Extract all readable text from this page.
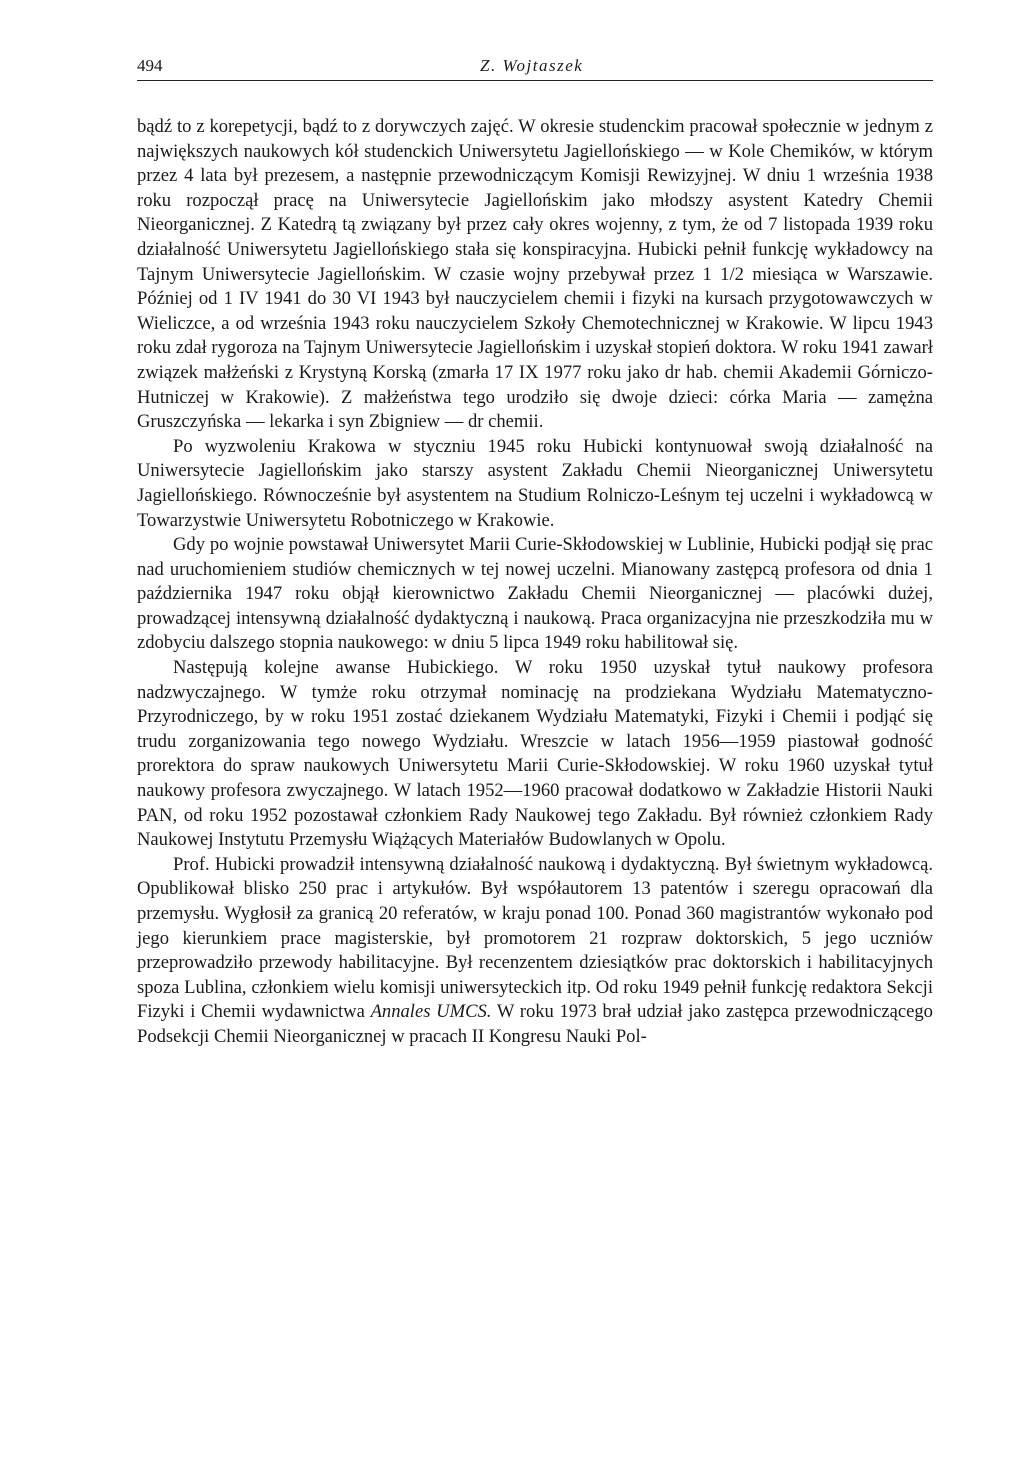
494	Z. Wojtaszek

bądź to z korepetycji, bądź to z dorywczych zajęć. W okresie studenckim pracował społecznie w jednym z największych naukowych kół studenckich Uniwersytetu Jagiellońskiego — w Kole Chemików, w którym przez 4 lata był prezesem, a następnie przewodniczącym Komisji Rewizyjnej. W dniu 1 września 1938 roku rozpoczął pracę na Uniwersytecie Jagiellońskim jako młodszy asystent Katedry Chemii Nieorganicznej. Z Katedrą tą związany był przez cały okres wojenny, z tym, że od 7 listopada 1939 roku działalność Uniwersytetu Jagiellońskiego stała się konspiracyjna. Hubicki pełnił funkcję wykładowcy na Tajnym Uniwersytecie Jagiellońskim. W czasie wojny przebywał przez 1 1/2 miesiąca w Warszawie. Później od 1 IV 1941 do 30 VI 1943 był nauczycielem chemii i fizyki na kursach przygotowawczych w Wieliczce, a od września 1943 roku nauczycielem Szkoły Chemotechnicznej w Krakowie. W lipcu 1943 roku zdał rygoroza na Tajnym Uniwersytecie Jagiellońskim i uzyskał stopień doktora. W roku 1941 zawarł związek małżeński z Krystyną Korską (zmarła 17 IX 1977 roku jako dr hab. chemii Akademii Górniczo-Hutniczej w Krakowie). Z małżeństwa tego urodziło się dwoje dzieci: córka Maria — zamężna Gruszczyńska — lekarka i syn Zbigniew — dr chemii.

Po wyzwoleniu Krakowa w styczniu 1945 roku Hubicki kontynuował swoją działalność na Uniwersytecie Jagiellońskim jako starszy asystent Zakładu Chemii Nieorganicznej Uniwersytetu Jagiellońskiego. Równocześnie był asystentem na Studium Rolniczo-Leśnym tej uczelni i wykładowcą w Towarzystwie Uniwersytetu Robotniczego w Krakowie.

Gdy po wojnie powstawał Uniwersytet Marii Curie-Skłodowskiej w Lublinie, Hubicki podjął się prac nad uruchomieniem studiów chemicznych w tej nowej uczelni. Mianowany zastępcą profesora od dnia 1 października 1947 roku objął kierownictwo Zakładu Chemii Nieorganicznej — placówki dużej, prowadzącej intensywną działalność dydaktyczną i naukową. Praca organizacyjna nie przeszkodziła mu w zdobyciu dalszego stopnia naukowego: w dniu 5 lipca 1949 roku habilitował się.

Następują kolejne awanse Hubickiego. W roku 1950 uzyskał tytuł naukowy profesora nadzwyczajnego. W tymże roku otrzymał nominację na prodziekana Wydziału Matematyczno-Przyrodniczego, by w roku 1951 zostać dziekanem Wydziału Matematyki, Fizyki i Chemii i podjąć się trudu zorganizowania tego nowego Wydziału. Wreszcie w latach 1956—1959 piastował godność prorektora do spraw naukowych Uniwersytetu Marii Curie-Skłodowskiej. W roku 1960 uzyskał tytuł naukowy profesora zwyczajnego. W latach 1952—1960 pracował dodatkowo w Zakładzie Historii Nauki PAN, od roku 1952 pozostawał członkiem Rady Naukowej tego Zakładu. Był również członkiem Rady Naukowej Instytutu Przemysłu Wiążących Materiałów Budowlanych w Opolu.

Prof. Hubicki prowadził intensywną działalność naukową i dydaktyczną. Był świetnym wykładowcą. Opublikował blisko 250 prac i artykułów. Był współautorem 13 patentów i szeregu opracowań dla przemysłu. Wygłosił za granicą 20 referatów, w kraju ponad 100. Ponad 360 magistrantów wykonało pod jego kierunkiem prace magisterskie, był promotorem 21 rozpraw doktorskich, 5 jego uczniów przeprowadziło przewody habilitacyjne. Był recenzentem dziesiątków prac doktorskich i habilitacyjnych spoza Lublina, członkiem wielu komisji uniwersyteckich itp. Od roku 1949 pełnił funkcję redaktora Sekcji Fizyki i Chemii wydawnictwa Annales UMCS. W roku 1973 brał udział jako zastępca przewodniczącego Podsekcji Chemii Nieorganicznej w pracach II Kongresu Nauki Pol-
